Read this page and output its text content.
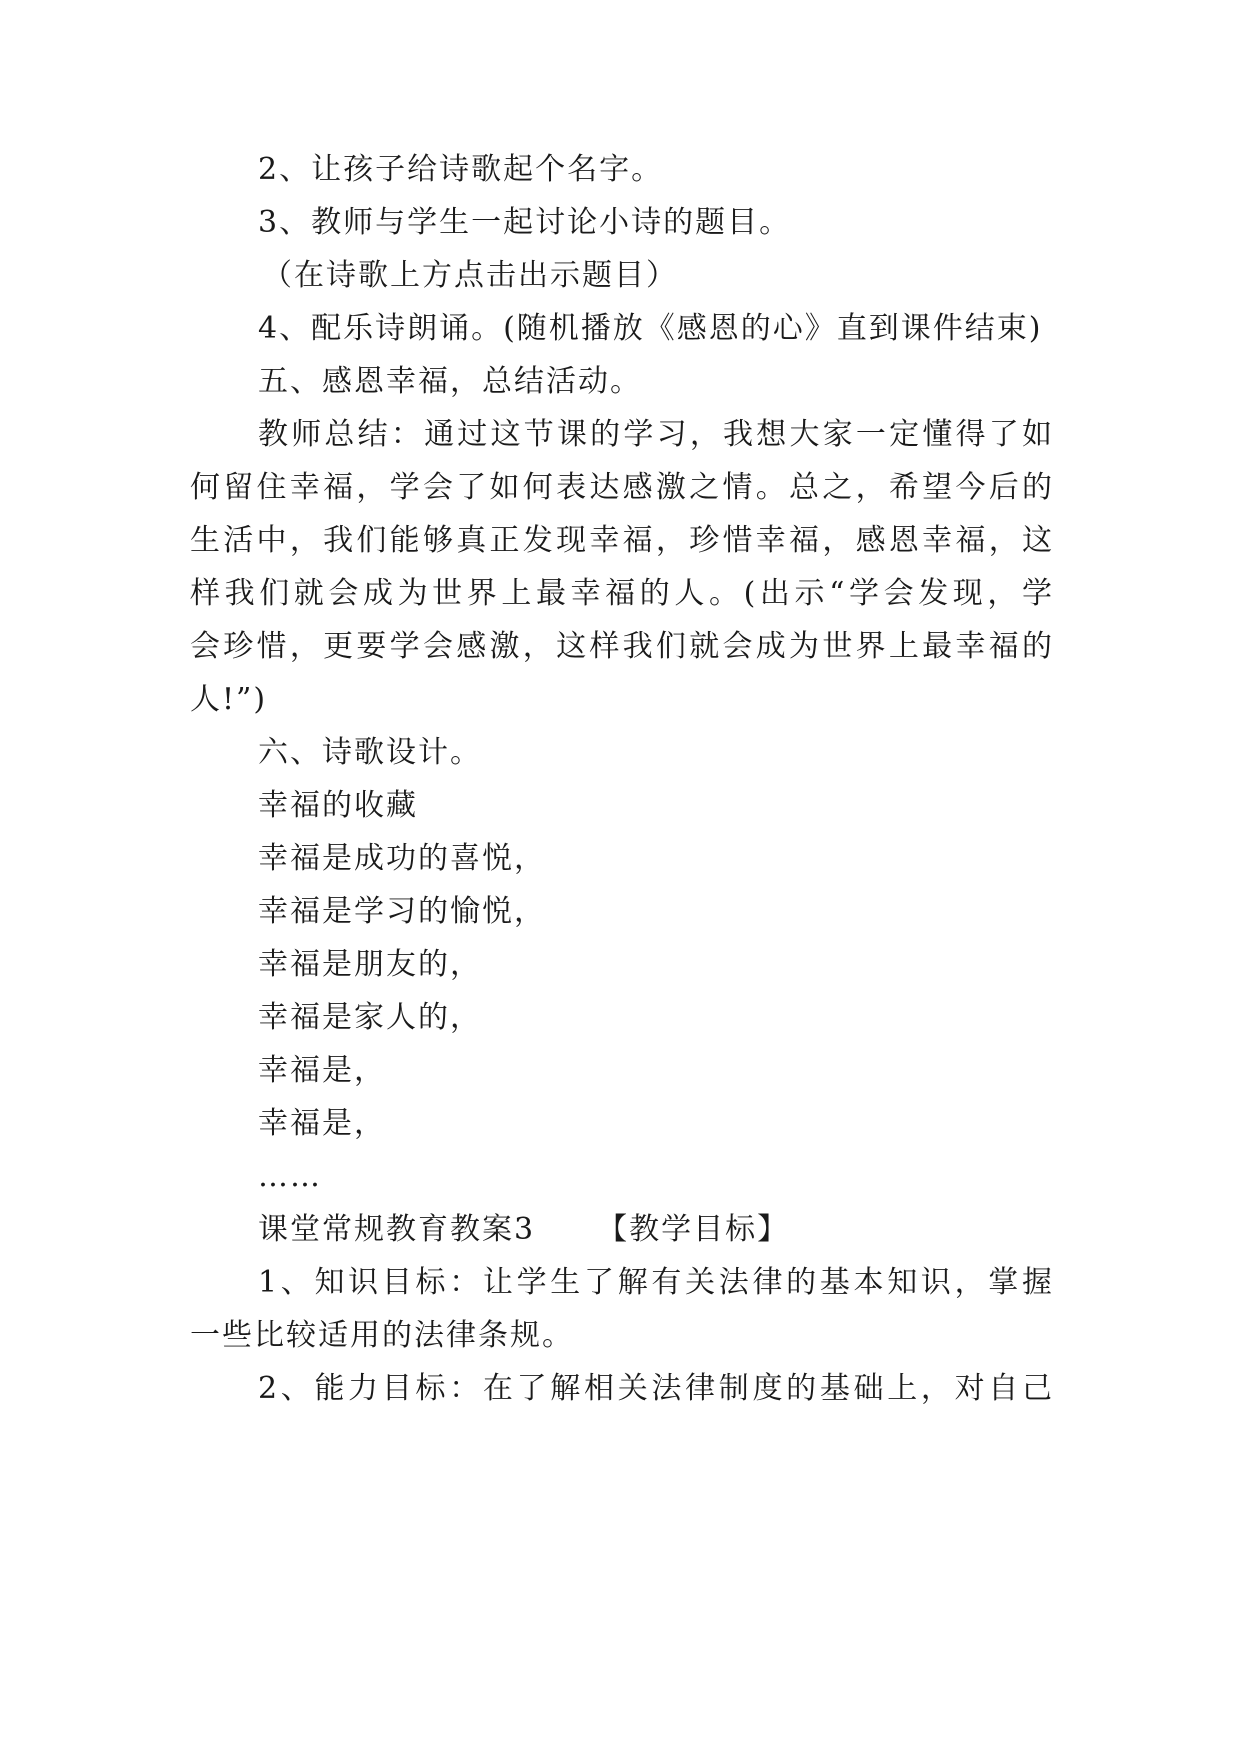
2、让孩子给诗歌起个名字。
3、教师与学生一起讨论小诗的题目。
（在诗歌上方点击出示题目）
4、配乐诗朗诵。(随机播放《感恩的心》直到课件结束)
五、感恩幸福，总结活动。
教师总结：通过这节课的学习，我想大家一定懂得了如
何留住幸福，学会了如何表达感激之情。总之，希望今后的
生活中，我们能够真正发现幸福，珍惜幸福，感恩幸福，这
样我们就会成为世界上最幸福的人。(出示“学会发现，学
会珍惜，更要学会感激，这样我们就会成为世界上最幸福的
人!”)
六、诗歌设计。
幸福的收藏
幸福是成功的喜悦，
幸福是学习的愉悦，
幸福是朋友的，
幸福是家人的，
幸福是，
幸福是，
……
课堂常规教育教案3 【教学目标】
1、知识目标：让学生了解有关法律的基本知识，掌握
一些比较适用的法律条规。
2、能力目标：在了解相关法律制度的基础上，对自己
